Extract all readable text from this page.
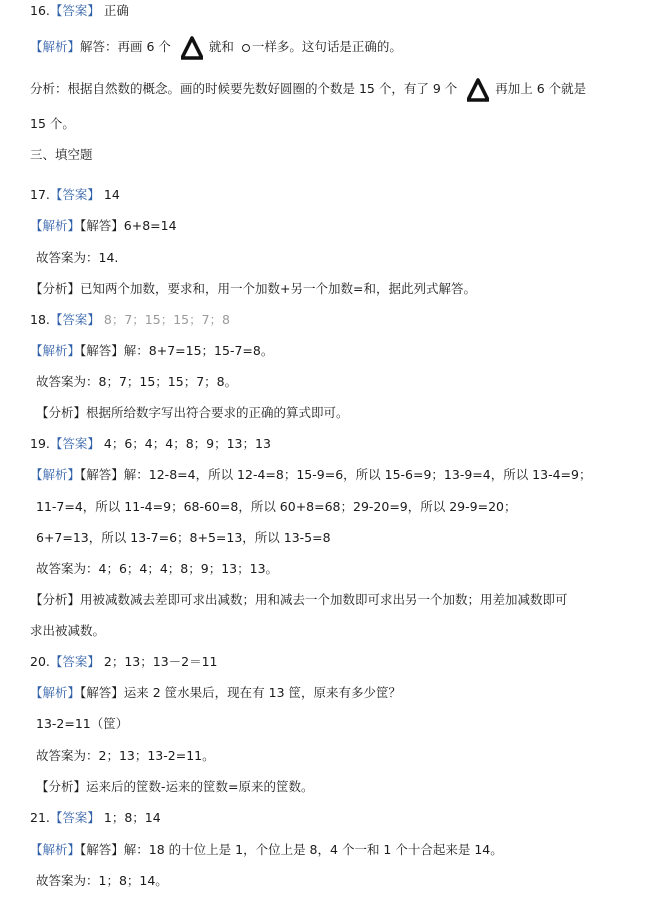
16.【答案】 正确
【解析】解答：再画 6 个	就和 一样多。这句话是正确的。
分析：根据自然数的概念。画的时候要先数好圆圈的个数是 15 个，有了 9 个	再加上 6 个就是
15 个。
三、填空题
17.【答案】 14
【解析】【解答】6+8=14
故答案为：14.
【分析】已知两个加数，要求和，用一个加数+另一个加数=和，据此列式解答。
18.【答案】 8；7；15；15；7；8
【解析】【解答】解：8+7=15；15-7=8。
故答案为：8；7；15；15；7；8。
【分析】根据所给数字写出符合要求的正确的算式即可。
19.【答案】 4；6；4；4；8；9；13；13
【解析】【解答】解：12-8=4，所以 12-4=8；15-9=6，所以 15-6=9；13-9=4，所以 13-4=9；
11-7=4，所以 11-4=9；68-60=8，所以 60+8=68；29-20=9，所以 29-9=20；
6+7=13，所以 13-7=6；8+5=13，所以 13-5=8
故答案为：4；6；4；4；8；9；13；13。
【分析】用被减数减去差即可求出减数；用和减去一个加数即可求出另一个加数；用差加减数即可
求出被减数。
20.【答案】 2；13；13－2＝11
【解析】【解答】运来 2 筐水果后，现在有 13 筐，原来有多少筐？
13-2=11（筐）
故答案为：2；13；13-2=11。
【分析】运来后的筐数-运来的筐数=原来的筐数。
21.【答案】 1；8；14
【解析】【解答】解：18 的十位上是 1，个位上是 8，4 个一和 1 个十合起来是 14。
故答案为：1；8；14。
